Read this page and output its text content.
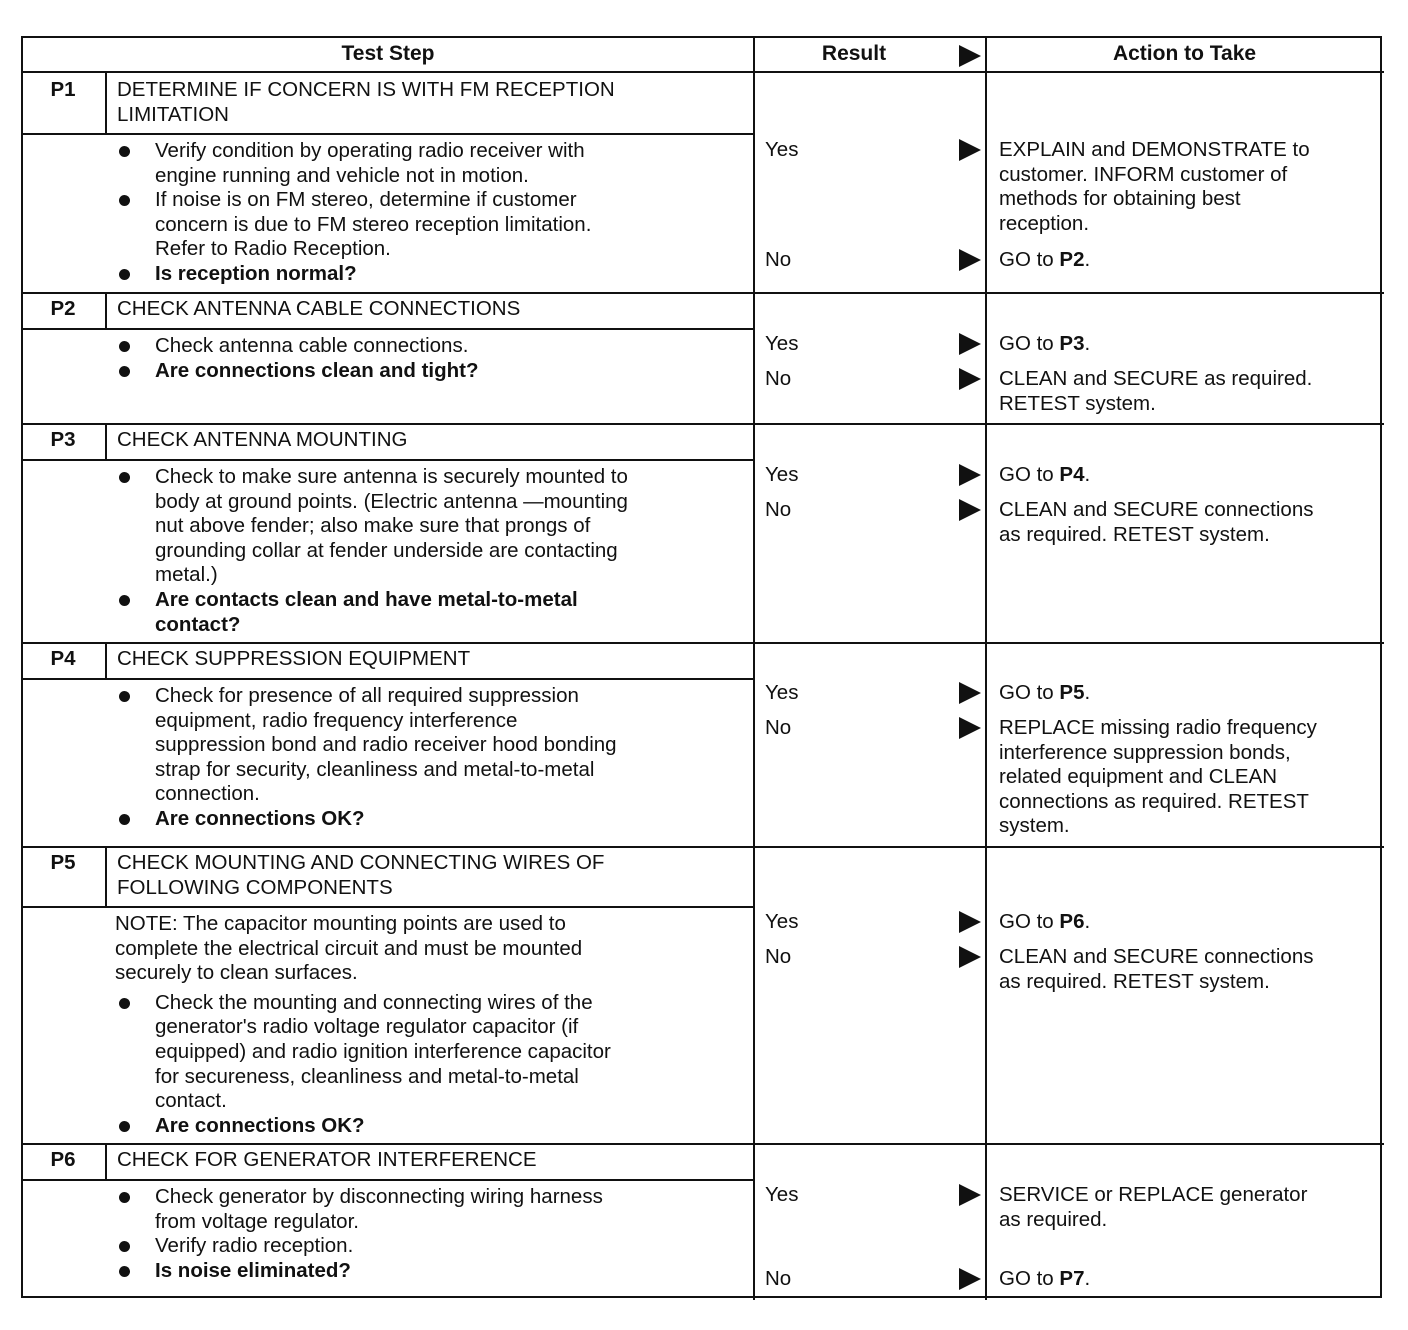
Test Step	Result	Action to Take
P1	DETERMINE IF CONCERN IS WITH FM RECEPTION
LIMITATION
Verify condition by operating radio receiver with
engine running and vehicle not in motion.
If noise is on FM stereo, determine if customer
concern is due to FM stereo reception limitation.
Refer to Radio Reception.
Is reception normal?
Yes	EXPLAIN and DEMONSTRATE to
customer. INFORM customer of
methods for obtaining best
reception.
No	GO to P2.
P2	CHECK ANTENNA CABLE CONNECTIONS
Check antenna cable connections.
Are connections clean and tight?
Yes	GO to P3.
No	CLEAN and SECURE as required.
RETEST system.
P3	CHECK ANTENNA MOUNTING
Check to make sure antenna is securely mounted to
body at ground points. (Electric antenna —mounting
nut above fender; also make sure that prongs of
grounding collar at fender underside are contacting
metal.)
Are contacts clean and have metal-to-metal
contact?
Yes	GO to P4.
No	CLEAN and SECURE connections
as required. RETEST system.
P4	CHECK SUPPRESSION EQUIPMENT
Check for presence of all required suppression
equipment, radio frequency interference
suppression bond and radio receiver hood bonding
strap for security, cleanliness and metal-to-metal
connection.
Are connections OK?
Yes	GO to P5.
No	REPLACE missing radio frequency
interference suppression bonds,
related equipment and CLEAN
connections as required. RETEST
system.
P5	CHECK MOUNTING AND CONNECTING WIRES OF
FOLLOWING COMPONENTS
NOTE: The capacitor mounting points are used to
complete the electrical circuit and must be mounted
securely to clean surfaces.
Check the mounting and connecting wires of the
generator's radio voltage regulator capacitor (if
equipped) and radio ignition interference capacitor
for secureness, cleanliness and metal-to-metal
contact.
Are connections OK?
Yes	GO to P6.
No	CLEAN and SECURE connections
as required. RETEST system.
P6	CHECK FOR GENERATOR INTERFERENCE
Check generator by disconnecting wiring harness
from voltage regulator.
Verify radio reception.
Is noise eliminated?
Yes	SERVICE or REPLACE generator
as required.
No	GO to P7.
